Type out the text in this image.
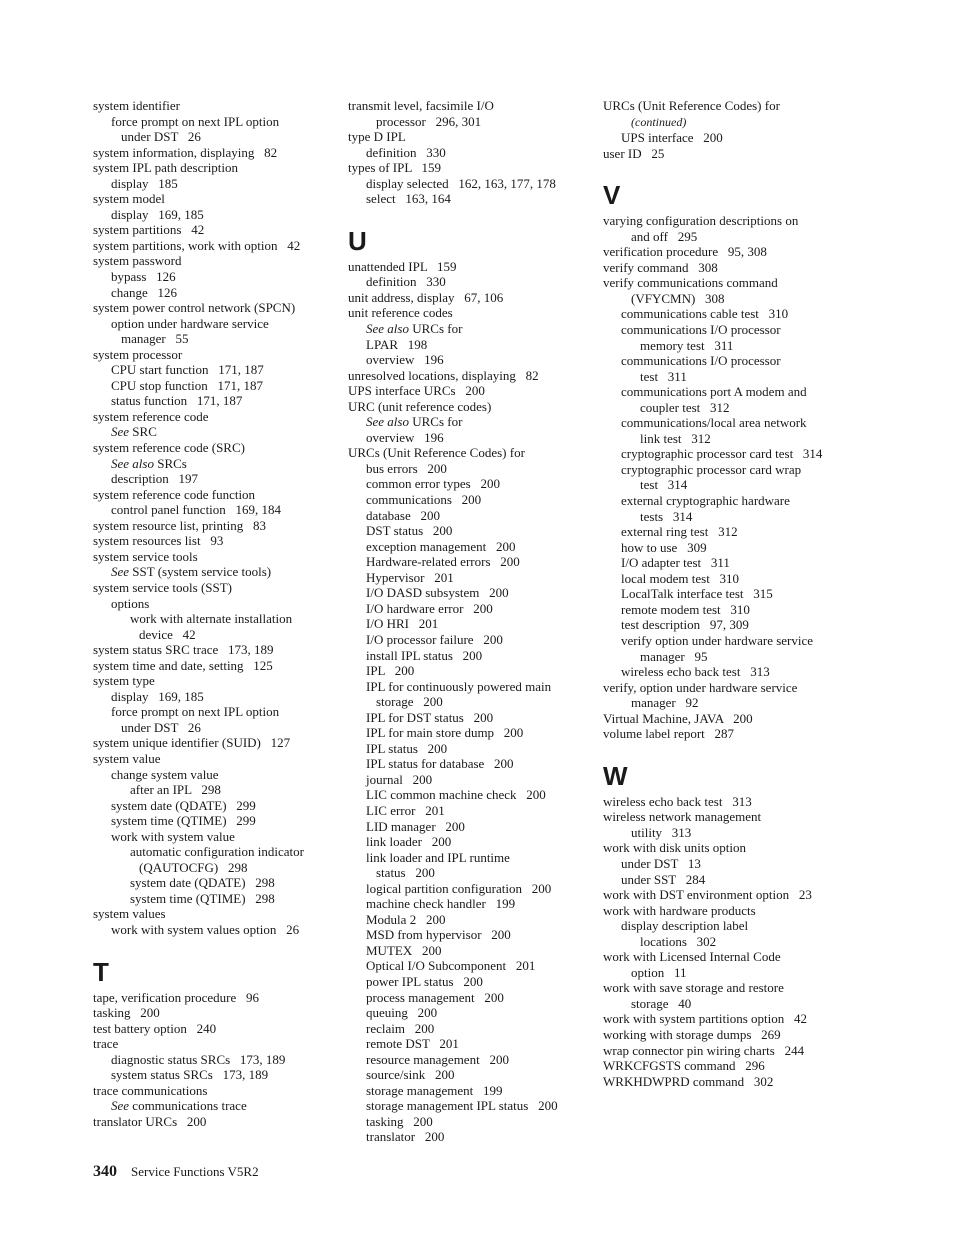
system identifier
force prompt on next IPL option
under DST   26
system information, displaying   82
system IPL path description
display   185
system model
display   169, 185
system partitions   42
system partitions, work with option   42
system password
bypass   126
change   126
system power control network (SPCN)
option under hardware service
manager   55
system processor
CPU start function   171, 187
CPU stop function   171, 187
status function   171, 187
system reference code
See SRC
system reference code (SRC)
See also SRCs
description   197
system reference code function
control panel function   169, 184
system resource list, printing   83
system resources list   93
system service tools
See SST (system service tools)
system service tools (SST)
options
work with alternate installation
device   42
system status SRC trace   173, 189
system time and date, setting   125
system type
display   169, 185
force prompt on next IPL option
under DST   26
system unique identifier (SUID)   127
system value
change system value
after an IPL   298
system date (QDATE)   299
system time (QTIME)   299
work with system value
automatic configuration indicator
(QAUTOCFG)   298
system date (QDATE)   298
system time (QTIME)   298
system values
work with system values option   26
T
tape, verification procedure   96
tasking   200
test battery option   240
trace
diagnostic status SRCs   173, 189
system status SRCs   173, 189
trace communications
See communications trace
translator URCs   200
transmit level, facsimile I/O
processor   296, 301
type D IPL
definition   330
types of IPL   159
display selected   162, 163, 177, 178
select   163, 164
U
unattended IPL   159
definition   330
unit address, display   67, 106
unit reference codes
See also URCs for
LPAR   198
overview   196
unresolved locations, displaying   82
UPS interface URCs   200
URC (unit reference codes)
See also URCs for
overview   196
URCs (Unit Reference Codes) for
bus errors   200
common error types   200
communications   200
database   200
DST status   200
exception management   200
Hardware-related errors   200
Hypervisor   201
I/O DASD subsystem   200
I/O hardware error   200
I/O HRI   201
I/O processor failure   200
install IPL status   200
IPL   200
IPL for continuously powered main
storage   200
IPL for DST status   200
IPL for main store dump   200
IPL status   200
IPL status for database   200
journal   200
LIC common machine check   200
LIC error   201
LID manager   200
link loader   200
link loader and IPL runtime
status   200
logical partition configuration   200
machine check handler   199
Modula 2   200
MSD from hypervisor   200
MUTEX   200
Optical I/O Subcomponent   201
power IPL status   200
process management   200
queuing   200
reclaim   200
remote DST   201
resource management   200
source/sink   200
storage management   199
storage management IPL status   200
tasking   200
translator   200
URCs (Unit Reference Codes) for
(continued)
UPS interface   200
user ID   25
V
varying configuration descriptions on
and off   295
verification procedure   95, 308
verify command   308
verify communications command
(VFYCMN)   308
communications cable test   310
communications I/O processor
memory test   311
communications I/O processor
test   311
communications port A modem and
coupler test   312
communications/local area network
link test   312
cryptographic processor card test   314
cryptographic processor card wrap
test   314
external cryptographic hardware
tests   314
external ring test   312
how to use   309
I/O adapter test   311
local modem test   310
LocalTalk interface test   315
remote modem test   310
test description   97, 309
verify option under hardware service
manager   95
wireless echo back test   313
verify, option under hardware service
manager   92
Virtual Machine, JAVA   200
volume label report   287
W
wireless echo back test   313
wireless network management
utility   313
work with disk units option
under DST   13
under SST   284
work with DST environment option   23
work with hardware products
display description label
locations   302
work with Licensed Internal Code
option   11
work with save storage and restore
storage   40
work with system partitions option   42
working with storage dumps   269
wrap connector pin wiring charts   244
WRKCFGSTS command   296
WRKHDWPRD command   302
340 Service Functions V5R2
